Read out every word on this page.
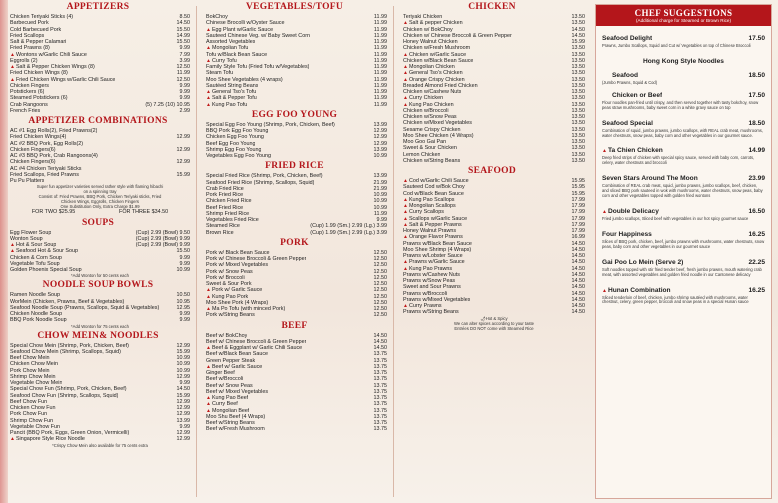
APPETIZERS
Chicken Teriyaki Sticks (4)	8.50
Barbecued Pork	14.50
Cold Barbecued Pork	15.50
Fried Scallops	14.99
Salt & Pepper Calamari	15.50
Fried Prawns (8)	9.99
▲Wontons w/Garlic Chili Sauce	7.99
Eggrolls (2)	3.99
▲Salt & Pepper Chicken Wings (8)	12.50
Fried Chicken Wings (8)	11.99
▲Fried Chicken Wings w/Garlic Chili Sauce	12.50
Chicken Fingers	9.99
Potstickers (6)	9.99
Steamed Potstickers (6)	9.99
Crab Rangoons	(5) 7.25 (10) 10.95
French Fries	2.99
APPETIZER COMBINATIONS
AC #1 Egg Rolls(2), Fried Prawns(2)
Fried Chicken Wings(4)	12.99
AC #2 BBQ Pork, Egg Rolls(2)
Chicken Fingers(6)	12.99
AC #3 BBQ Pork, Crab Rangoons(4)
Chicken Fingers(6)	12.99
AC #4 Chicken Teriyaki Sticks
Fried Scallops, Fried Prawns	15.99
Pu Pu Platters
Super fun appetizer varieties served rather style with flaming hibachi
on a spinning tray
Consist of: Fried Prawns, BBQ Pork, Chicken Teriyaki sticks, Fried
Chicken Wings, Eggrolls, Chicken Fingers
One Substitution Only, Extra Charge $1.99
FOR TWO $25.95	FOR THREE $34.50
SOUPS
Egg Flower Soup	(Cup) 2.99 (Bowl) 9.50
Wonton Soup	(Cup) 2.99 (Bowl) 9.99
▲Hot & Sour Soup	(Cup) 2.99 (Bowl) 9.99
▲Seafood Hot & Sour Soup	15.50
Chicken & Corn Soup	9.99
Vegetable Tofu Soup	9.99
Golden Phoenix Special Soup	10.99
*Add Wonton for 50 cents each
NOODLE SOUP BOWLS
Ramen Noodle Soup	10.50
WorMein (Chicken, Prawns, Beef & Vegetables)	10.95
Seafood Noodle Soup (Prawns, Scallops, Squid & Vegetables)	12.95
Chicken Noodle Soup	9.99
BBQ Pork Noodle Soup	9.99
*Add Wonton for 75 cents each
CHOW MEIN& NOODLES
Special Chow Mein (Shrimp, Pork, Chicken, Beef)	12.99
Seafood Chow Mein (Shrimp, Scallops, Squid)	15.99
Beef Chow Mein	10.99
Chicken Chow Mein	10.99
Pork Chow Mein	10.99
Shrimp Chow Mein	12.99
Vegetable Chow Mein	9.99
Special Chow Fun (Shrimp, Pork, Chicken, Beef)	14.50
Seafood Chow Fun (Shrimp, Scallops, Squid)	15.99
Beef Chow Fun	12.99
Chicken Chow Fun	12.99
Pork Chow Fun	12.99
Shrimp Chow Fun	13.99
Vegetable Chow Fun	9.99
Pancit (BBQ Pork, Eggs, Green Onion, Vermicelli)	12.99
▲Singapore Style Rice Noodle	12.99
*Crispy Chow Mein also available for 75 cents extra
VEGETABLES/TOFU
BokChoy	11.99
Chinese Brocolli w/Oyster Sauce	11.99
▲Egg Plant w/Garlic Sauce	11.99
Sauteed Chinese Veg. w/ Baby Sweet Corn	11.99
Assorted Vegetables	11.99
▲Mongolian Tofu	11.99
Tofu w/Black Bean Sauce	11.99
▲Curry Tofu	11.99
Family Style Tofu (Fried Tofu w/Vegetables)	11.99
Steam Tofu	11.99
Moo Shee Vegetables (4 wraps)	11.99
Sautéed String Beans	11.99
▲General Tso's Tofu	11.99
▲Salt & Pepper Tofu	11.99
▲Kung Pao Tofu	11.99
EGG FOO YOUNG
Special Egg Foo Young (Shrimp, Pork, Chicken, Beef)	13.99
BBQ Pork Egg Foo Young	12.99
Chicken Egg Foo Young	12.99
Beef Egg Foo Young	12.99
Shrimp Egg Foo Young	13.99
Vegetables Egg Foo Young	10.99
FRIED RICE
Special Fried Rice (Shrimp, Pork, Chicken, Beef)	13.99
Seafood Fried Rice (Shrimp, Scallops, Squid)	21.99
Crab Fried Rice	21.99
Pork Fried Rice	10.99
Chicken Fried Rice	10.99
Beef Fried Rice	10.99
Shrimp Fried Rice	11.99
Vegetables Fried Rice	9.99
Steamed Rice	(Cup) 1.99 (Sm.) 2.99 (Lg.) 3.99
Brown Rice	(Cup) 1.99 (Sm.) 2.99 (Lg.) 3.99
PORK
Pork w/ Black Bean Sauce	12.50
Pork w/ Chinese Broccoli & Green Pepper	12.50
Pork w/ Mixed Vegetables	12.50
Pork w/ Snow Peas	12.50
Pork w/ Broccoli	12.50
Sweet & Sour Pork	12.50
▲Pork w/ Garlic Sauce	12.50
▲Kung Pao Pork	12.50
Moo Shee Pork (4 Wraps)	12.50
▲Ma Po Tofu (with minced Pork)	12.50
Pork w/String Beans	12.50
BEEF
Beef w/ BokChoy	14.50
Beef w/ Chinese Broccoli & Green Pepper	14.50
▲Beef & Eggplant w/ Garlic Chili Sauce	14.50
Beef w/Black Bean Sauce	13.75
Green Pepper Steak	13.75
▲Beef w/ Garlic Sauce	13.75
Ginger Beef	13.75
Beef w/Broccoli	13.75
Beef w/ Snow Peas	13.75
Beef w/ Mixed Vegetables	13.75
▲Kung Pao Beef	13.75
▲Curry Beef	13.75
▲Mongolian Beef	13.75
Moo Shu Beef (4 Wraps)	13.75
Beef w/String Beans	13.75
Beef w/Fresh Mushroom	13.75
CHICKEN
Teriyaki Chicken	13.50
▲Salt & pepper Chicken	13.50
Chicken w/ BokChoy	14.50
Chicken w/ Chinese Broccoli & Green Pepper	14.50
Honey Walnut Chicken	15.99
Chicken w/Fresh Mushroom	13.50
▲Chicken w/Garlic Sauce	13.50
Chicken w/Black Bean Sauce	13.50
▲Mongolian Chicken	13.50
▲General Tso's Chicken	13.50
▲Orange Crispy Chicken	13.50
Breaded Almond Fried Chicken	13.50
Chicken w/Cashew Nuts	13.50
▲Curry Chicken	13.50
▲Kung Pao Chicken	13.50
Chicken w/Broccoli	13.50
Chicken w/Snow Peas	13.50
Chicken w/Mixed Vegetables	13.50
Sesame Crispy Chicken	13.50
Moo Shee Chicken (4 Wraps)	13.50
Moo Goo Gai Pan	13.50
Sweet & Sour Chicken	13.50
Lemon Chicken	13.50
Chicken w/String Beans	13.50
SEAFOOD
▲Cod w/Garlic Chili Sauce	15.95
Sauteed Cod w/Bok Choy	15.95
Cod w/Black Bean Sauce	15.95
▲Kung Pao Scallops	17.99
▲Mongolian Scallops	17.99
▲Curry Scallops	17.99
▲Scallops w/Garlic Sauce	17.99
▲Salt & Pepper Prawns	17.99
Honey Walnut Prawns	17.99
▲Orange Flavor Prawns	16.99
Prawns w/Black Bean Sauce	14.50
Moo Shee Shrimp (4 Wraps)	14.50
Prawns w/Lobster Sauce	14.50
▲Prawns w/Garlic Sauce	14.50
▲Kung Pao Prawns	14.50
Prawns w/Cashew Nuts	14.50
Prawns w/Snow Peas	14.50
Sweet and Sour Prawns	14.50
Prawns w/Broccoli	14.50
Prawns w/Mixed Vegetables	14.50
▲Curry Prawns	14.50
Prawns w/String Beans	14.50
🌶Hot & Spicy
We can alter spices according to your taste
Entrées DO NOT come with Steamed Rice
CHEF SUGGESTIONS
(Additional charge for Steamed or Brown Rice)
Seafood Delight	17.50
Prawns, Jumbo Scallops, Squid and Cut w/ Vegetables on top of Chinese Broccoli
Hong Kong Style Noodles
Seafood	18.50
(Jumbo Prawns, Squid & Cod)
Chicken or Beef	17.50
Flour noodles pan-fried until crispy, and then served together with tasty bokchoy, snow peas straw mushrooms, baby sweet corn in a white gravy sauce on top
Seafood Special	18.50
Combination of squid, jumbo prawns, jumbo scallops, with REAL crab meat, mushrooms, water chestnuts, snow peas, baby corn and other vegetables in our gourmet sauce.
▲Ta Chien Chicken	14.99
Deep fried strips of chicken with special spicy sauce, served with baby corn, carrots, celery, water chestnuts and broccoli
Seven Stars Around The Moon	23.99
Combination of REAL crab meat, squid, jumbo prawns, jumbo scallops, beef, chicken, and sliced BBQ pork sauteed in wok with mushrooms, water chestnuts, snow peas, baby corn and other vegetables topped with golden fried wontons
▲Double Delicacy	16.50
Fried jumbo scallops, Sliced beef with vegetables in our hot spicy gourmet sauce
Four Happiness	16.25
Slices of BBQ pork, chicken, beef, jumbo prawns with mushrooms, water chestnuts, snow peas, baby corn and other vegetables in our gourmet sauce
Gai Poo Lo Mein (Serve 2)	22.25
Soft noodles topped with stir fried tender beef, fresh jumbo prawns, mouth watering crab meat, with assorted vegetables and golden fried noodle in our Cantonese delicacy
▲Hunan Combination	16.25
Sliced tenderloin of beef, chicken, jumbo shrimp sautéed with mushrooms, water chestnut, celery, green pepper, broccoli and snow peas in a special Hunan sauce
